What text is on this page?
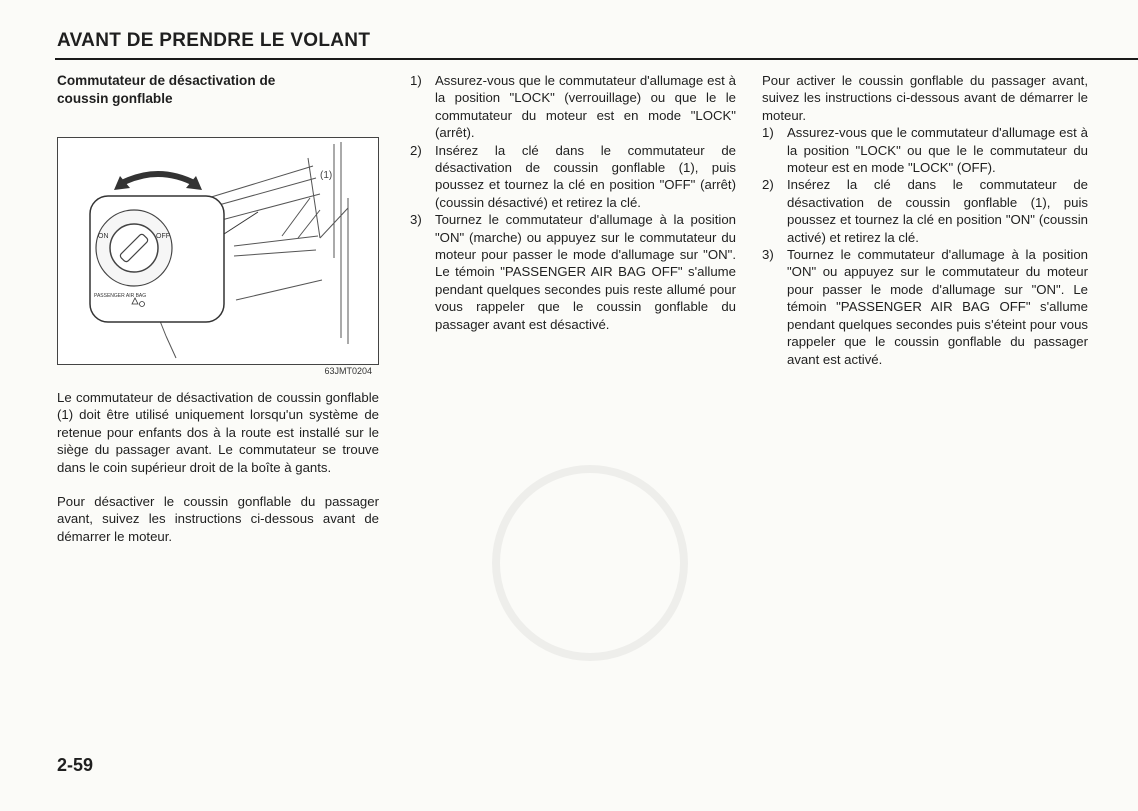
AVANT DE PRENDRE LE VOLANT

Commutateur de désactivation de
coussin gonflable

(1)
ON	OFF
PASSENGER AIR BAG
63JMT0204

Le commutateur de désactivation de coussin gonflable (1) doit être utilisé uniquement lorsqu'un système de retenue pour enfants dos à la route est installé sur le siège du passager avant. Le commutateur se trouve dans le coin supérieur droit de la boîte à gants.

Pour désactiver le coussin gonflable du passager avant, suivez les instructions ci-dessous avant de démarrer le moteur.

1) Assurez-vous que le commutateur d'allumage est à la position "LOCK" (verrouillage) ou que le le commutateur du moteur est en mode "LOCK" (arrêt).
2) Insérez la clé dans le commutateur de désactivation de coussin gonflable (1), puis poussez et tournez la clé en position "OFF" (arrêt) (coussin désactivé) et retirez la clé.
3) Tournez le commutateur d'allumage à la position "ON" (marche) ou appuyez sur le commutateur du moteur pour passer le mode d'allumage sur "ON". Le témoin "PASSENGER AIR BAG OFF" s'allume pendant quelques secondes puis reste allumé pour vous rappeler que le coussin gonflable du passager avant est désactivé.

Pour activer le coussin gonflable du passager avant, suivez les instructions ci-dessous avant de démarrer le moteur.

1) Assurez-vous que le commutateur d'allumage est à la position "LOCK" ou que le le commutateur du moteur est en mode "LOCK" (OFF).
2) Insérez la clé dans le commutateur de désactivation de coussin gonflable (1), puis poussez et tournez la clé en position "ON" (coussin activé) et retirez la clé.
3) Tournez le commutateur d'allumage à la position "ON" ou appuyez sur le commutateur du moteur pour passer le mode d'allumage sur "ON". Le témoin "PASSENGER AIR BAG OFF" s'allume pendant quelques secondes puis s'éteint pour vous rappeler que le coussin gonflable du passager avant est activé.
2-59
